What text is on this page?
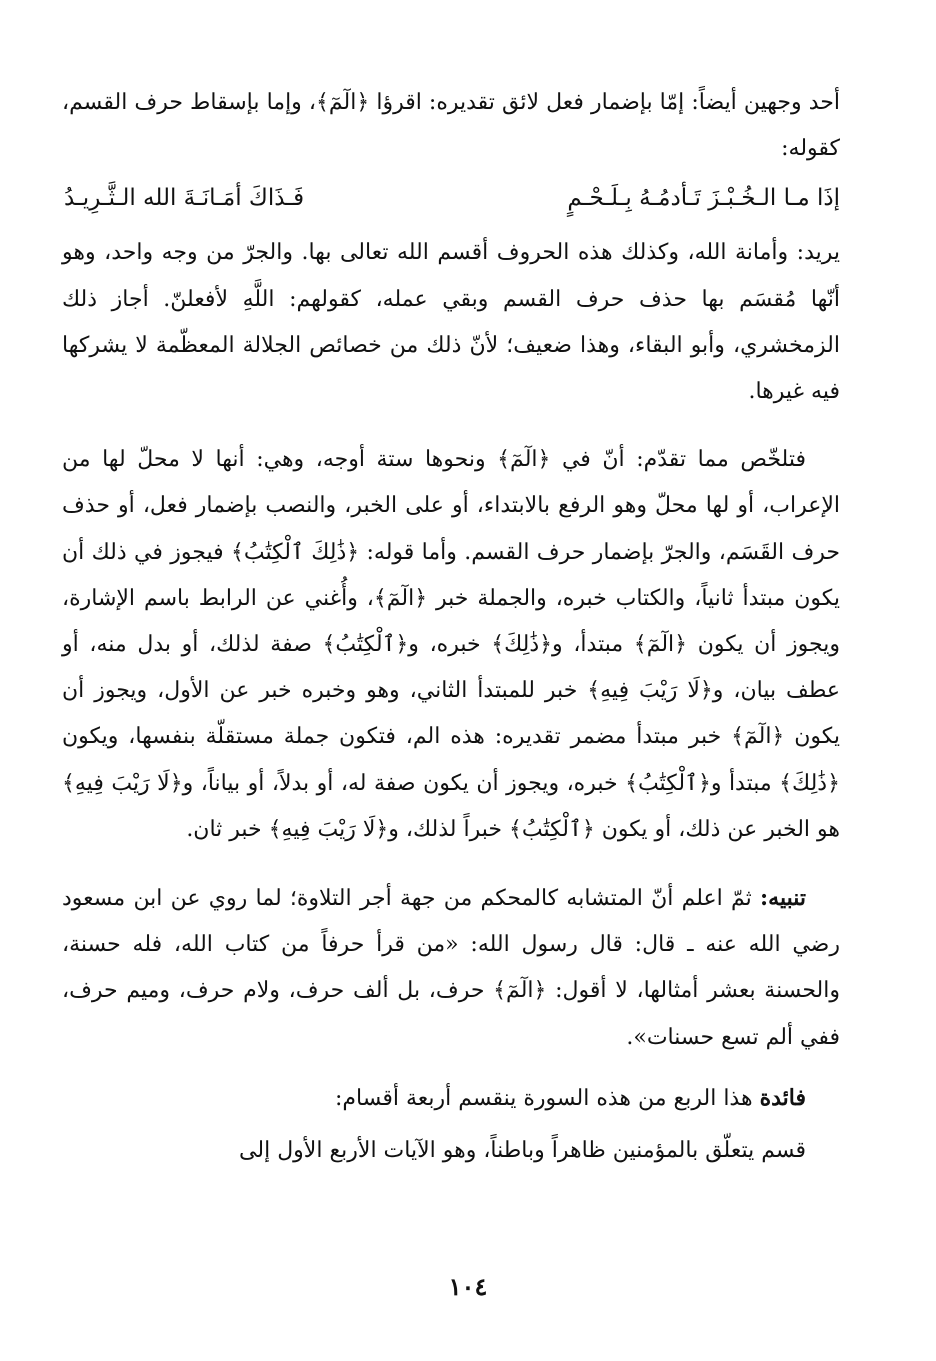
أحد وجهين أيضاً: إمّا بإضمار فعل لائق تقديره: اقرؤا ﴿الٓمٓ﴾، وإما بإسقاط حرف القسم، كقوله:

إذَا مـا الـخُـبْـزَ تَـأدمُـهُ بِـلَـحْـمٍ
فَـذَاكَ أمَـانَـةَ الله الـثَّـرِيـدُ

يريد: وأمانة الله، وكذلك هذه الحروف أقسم الله تعالى بها. والجرّ من وجه واحد، وهو أنّها مُقسَم بها حذف حرف القسم وبقي عمله، كقولهم: اللَّهِ لأفعلنّ. أجاز ذلك الزمخشري، وأبو البقاء، وهذا ضعيف؛ لأنّ ذلك من خصائص الجلالة المعظّمة لا يشركها فيه غيرها.

فتلخّص مما تقدّم: أنّ في ﴿الٓمٓ﴾ ونحوها ستة أوجه، وهي: أنها لا محلّ لها من الإعراب، أو لها محلّ وهو الرفع بالابتداء، أو على الخبر، والنصب بإضمار فعل، أو حذف حرف القَسَم، والجرّ بإضمار حرف القسم. وأما قوله: ﴿ذَٰلِكَ ٱلْكِتَٰبُ﴾ فيجوز في ذلك أن يكون مبتدأ ثانياً، والكتاب خبره، والجملة خبر ﴿الٓمٓ﴾، وأُغني عن الرابط باسم الإشارة، ويجوز أن يكون ﴿الٓمٓ﴾ مبتدأ، و﴿ذَٰلِكَ﴾ خبره، و﴿ٱلْكِتَٰبُ﴾ صفة لذلك، أو بدل منه، أو عطف بيان، و﴿لَا رَيْبَ فِيهِ﴾ خبر للمبتدأ الثاني، وهو وخبره خبر عن الأول، ويجوز أن يكون ﴿الٓمٓ﴾ خبر مبتدأ مضمر تقديره: هذه الم، فتكون جملة مستقلّة بنفسها، ويكون ﴿ذَٰلِكَ﴾ مبتدأ و﴿ٱلْكِتَٰبُ﴾ خبره، ويجوز أن يكون صفة له، أو بدلاً، أو بياناً، و﴿لَا رَيْبَ فِيهِ﴾ هو الخبر عن ذلك، أو يكون ﴿ٱلْكِتَٰبُ﴾ خبراً لذلك، و﴿لَا رَيْبَ فِيهِ﴾ خبر ثان.

تنبيه: ثمّ اعلم أنّ المتشابه كالمحكم من جهة أجر التلاوة؛ لما روي عن ابن مسعود رضي الله عنه ـ قال: قال رسول الله: «من قرأ حرفاً من كتاب الله، فله حسنة، والحسنة بعشر أمثالها، لا أقول: ﴿الٓمٓ﴾ حرف، بل ألف حرف، ولام حرف، وميم حرف، ففي ألم تسع حسنات».

فائدة هذا الربع من هذه السورة ينقسم أربعة أقسام:

قسم يتعلّق بالمؤمنين ظاهراً وباطناً، وهو الآيات الأربع الأول إلى

١٠٤
